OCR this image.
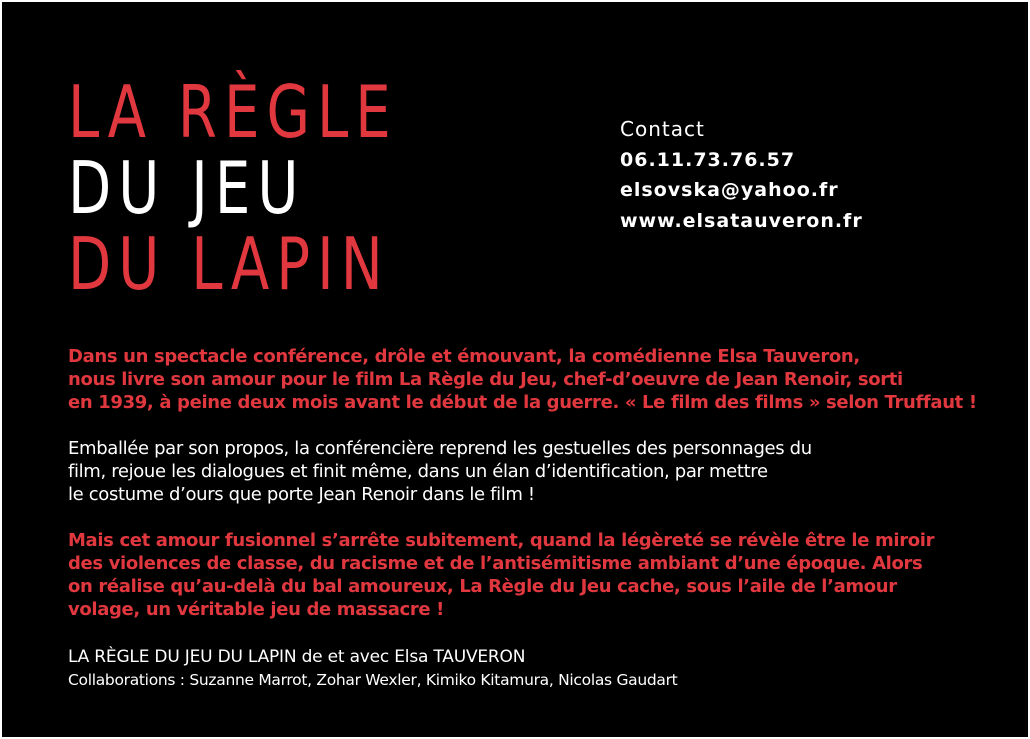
LA RÈGLE
DU JEU
DU LAPIN
Contact
06.11.73.76.57
elsovska@yahoo.fr
www.elsatauveron.fr

Dans un spectacle conférence, drôle et émouvant, la comédienne Elsa Tauveron,

nous livre son amour pour le film La Règle du Jeu, chef-d’oeuvre de Jean Renoir, sorti

en 1939, à peine deux mois avant le début de la guerre. « Le film des films » selon Truffaut !

Emballée par son propos, la conférencière reprend les gestuelles des personnages du

film, rejoue les dialogues et finit même, dans un élan d’identification, par mettre

le costume d’ours que porte Jean Renoir dans le film !

Mais cet amour fusionnel s’arrête subitement, quand la légèreté se révèle être le miroir

des violences de classe, du racisme et de l’antisémitisme ambiant d’une époque. Alors

on réalise qu’au-delà du bal amoureux, La Règle du Jeu cache, sous l’aile de l’amour

volage, un véritable jeu de massacre !

LA RÈGLE DU JEU DU LAPIN de et avec Elsa TAUVERON
Collaborations : Suzanne Marrot, Zohar Wexler, Kimiko Kitamura, Nicolas Gaudart
